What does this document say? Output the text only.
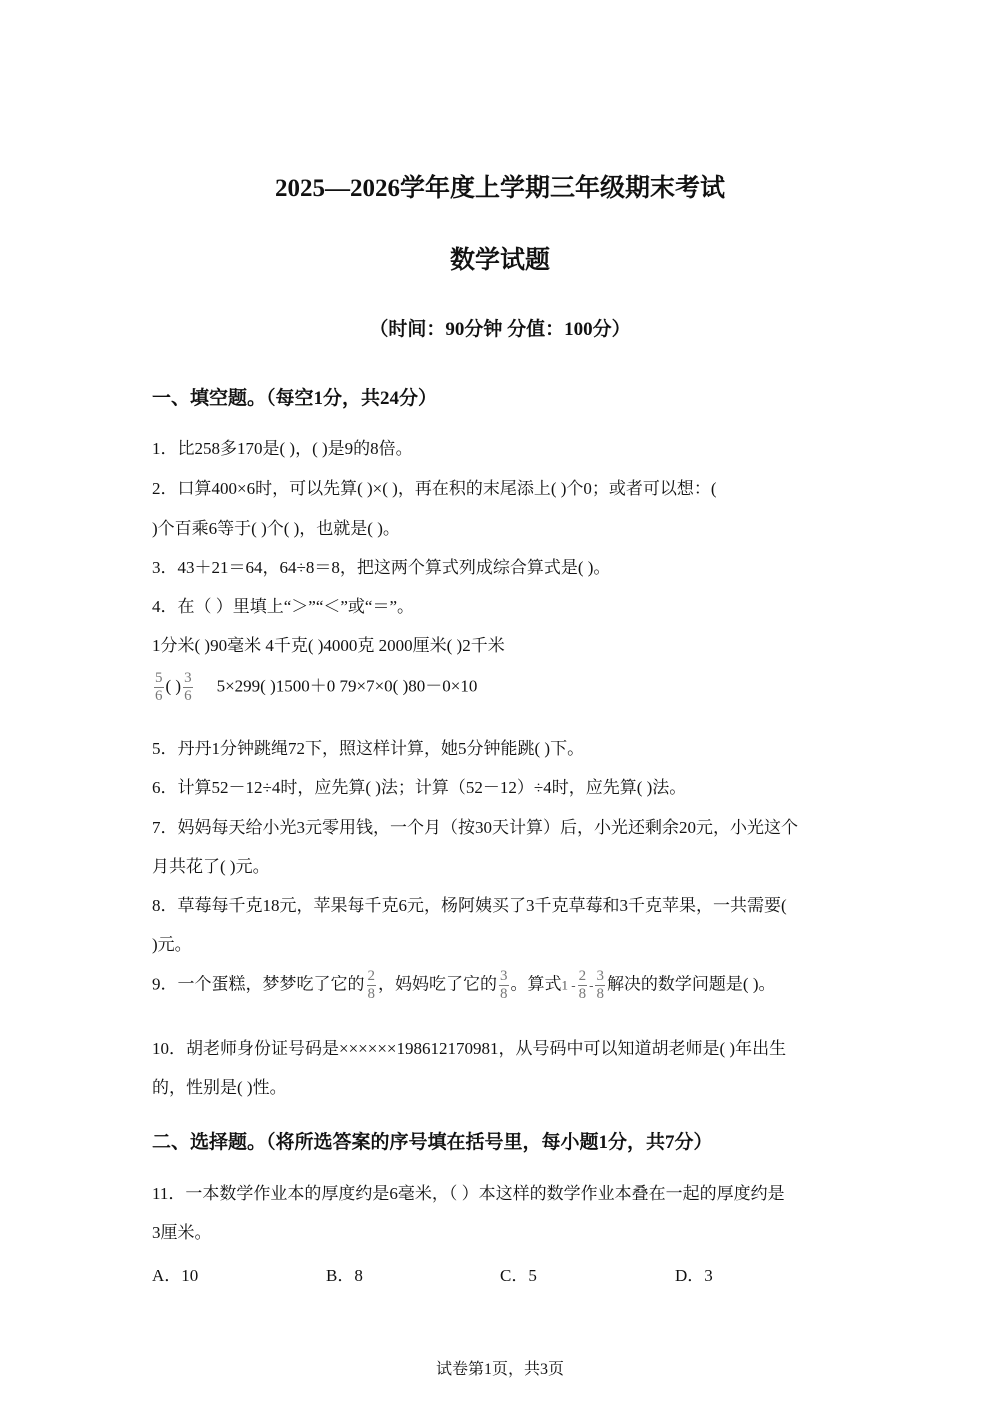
2025—2026学年度上学期三年级期末考试
数学试题
（时间：90分钟 分值：100分）
一、填空题。（每空1分，共24分）
1．比258多170是( )，( )是9的8倍。
2．口算400×6时，可以先算( )×( )，再在积的末尾添上( )个0；或者可以想：(
)个百乘6等于( )个( )，也就是( )。
3．43＋21＝64，64÷8＝8，把这两个算式列成综合算式是( )。
4．在（ ）里填上“＞”“＜”或“＝”。
1分米( )90毫米 4千克( )4000克 2000厘米( )2千米
$\frac{5}{6}$ ( ) $\frac{3}{6} 5\times 299$( )1500＋0 79×7×0( )80－0×10
5．丹丹1分钟跳绳72下，照这样计算，她5分钟能跳( )下。
6．计算52－12÷4时，应先算( )法；计算（52－12）÷4时，应先算( )法。
7．妈妈每天给小光3元零用钱，一个月（按30天计算）后，小光还剩余20元，小光这个
月共花了( )元。
8．草莓每千克18元，苹果每千克6元，杨阿姨买了3千克草莓和3千克苹果，一共需要(
)元。
9．一个蛋糕，梦梦吃了它的 $\frac{2}{8}$ ，妈妈吃了它的 $\frac{3}{8}$ 。算式$1 - \frac{2}{8} - \frac{3}{8}$ 解决的数学问题是( )。
10．胡老师身份证号码是××××××198612170981，从号码中可以知道胡老师是( )年出生
的，性别是( )性。
二、选择题。（将所选答案的序号填在括号里，每小题1分，共7分）
11．一本数学作业本的厚度约是6毫米，（ ）本这样的数学作业本叠在一起的厚度约是
3厘米。
A．10	B．8	C．5	D．3
试卷第1页，共3页
